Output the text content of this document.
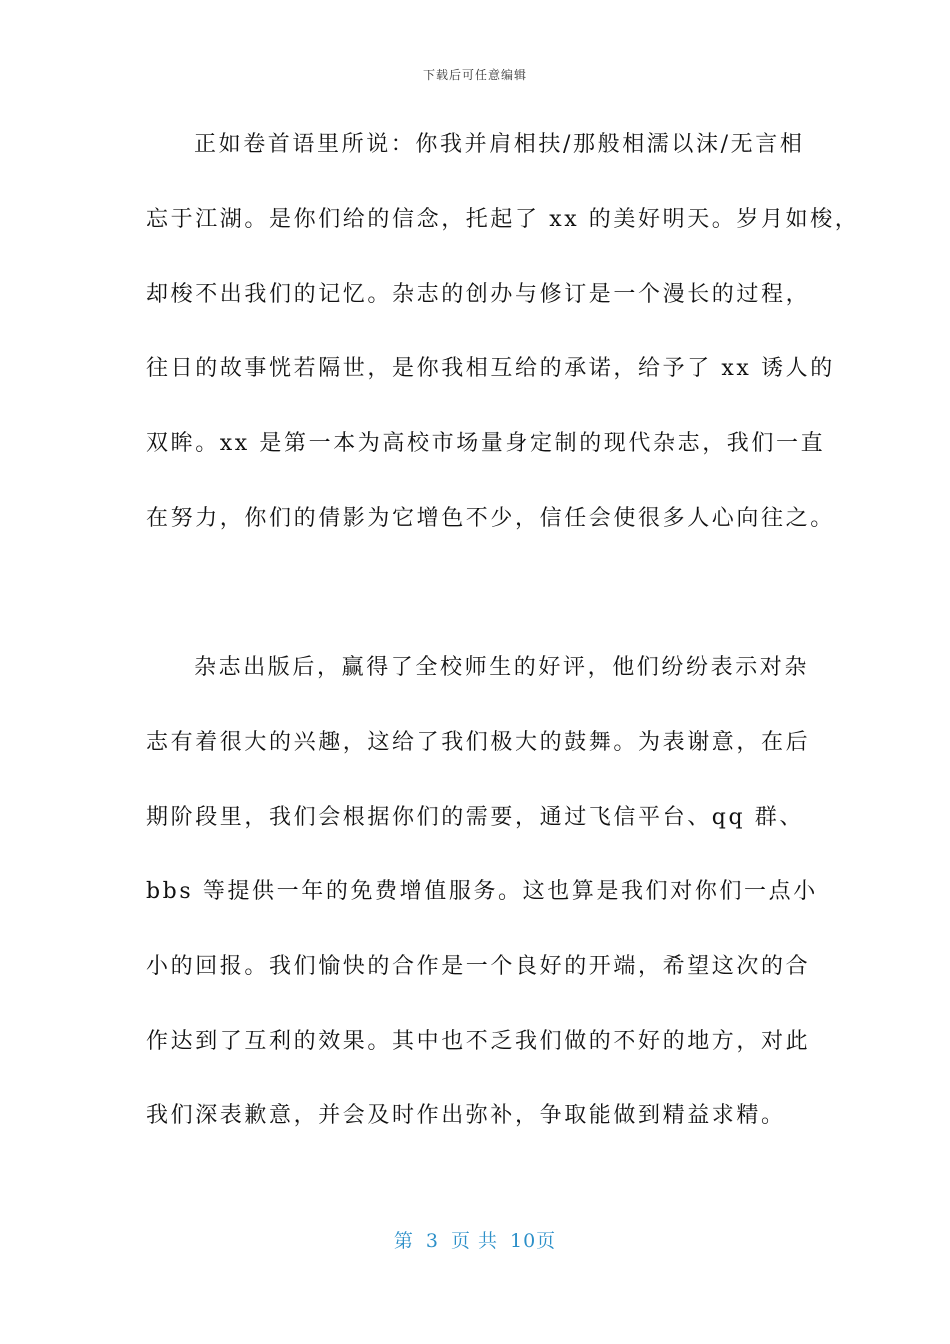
下载后可任意编辑
正如卷首语里所说：你我并肩相扶/那般相濡以沫/无言相
忘于江湖。是你们给的信念，托起了 xx 的美好明天。岁月如梭，
却梭不出我们的记忆。杂志的创办与修订是一个漫长的过程，
往日的故事恍若隔世，是你我相互给的承诺，给予了 xx 诱人的
双眸。xx 是第一本为高校市场量身定制的现代杂志，我们一直
在努力，你们的倩影为它增色不少，信任会使很多人心向往之。
杂志出版后，赢得了全校师生的好评，他们纷纷表示对杂
志有着很大的兴趣，这给了我们极大的鼓舞。为表谢意，在后
期阶段里，我们会根据你们的需要，通过飞信平台、qq 群、
bbs 等提供一年的免费增值服务。这也算是我们对你们一点小
小的回报。我们愉快的合作是一个良好的开端，希望这次的合
作达到了互利的效果。其中也不乏我们做的不好的地方，对此
我们深表歉意，并会及时作出弥补，争取能做到精益求精。
第 3 页 共 10页
